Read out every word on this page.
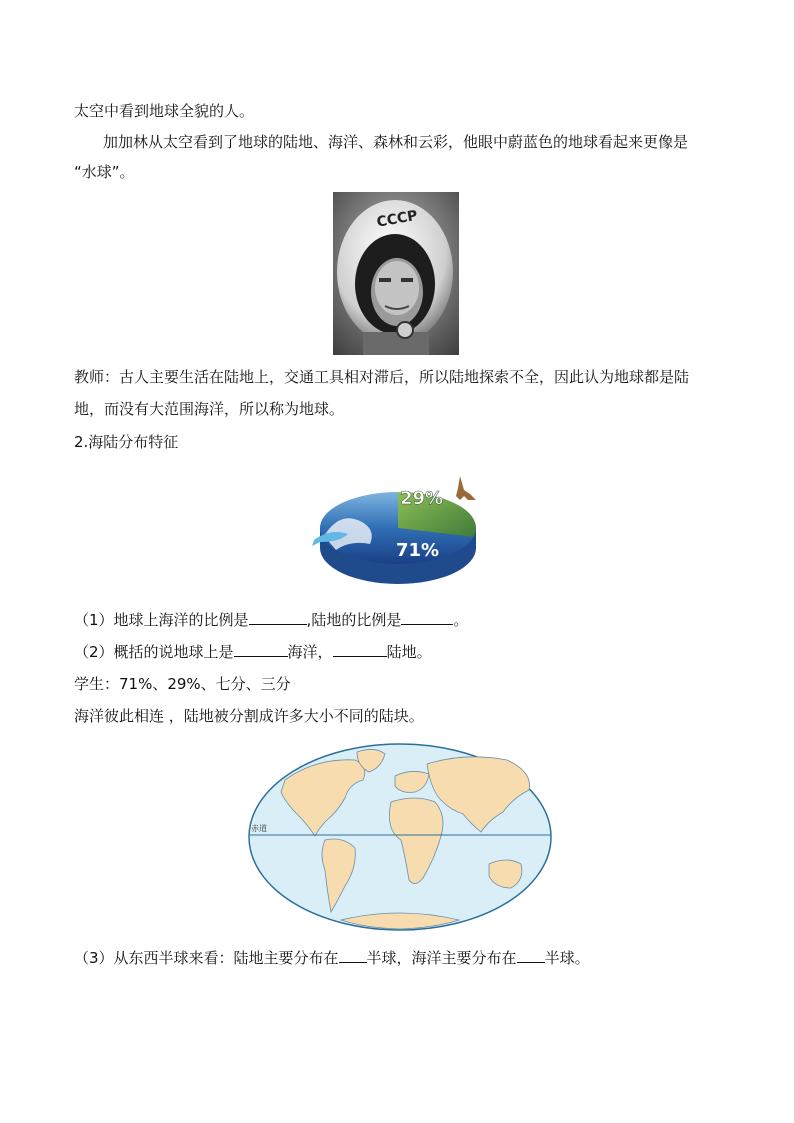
太空中看到地球全貌的人。
加加林从太空看到了地球的陆地、海洋、森林和云彩，他眼中蔚蓝色的地球看起来更像是
“水球”。
CCCP
教师：古人主要生活在陆地上，交通工具相对滞后，所以陆地探索不全，因此认为地球都是陆
地，而没有大范围海洋，所以称为地球。
2.海陆分布特征
29%
71%
（1）地球上海洋的比例是	,陆地的比例是	。
（2）概括的说地球上是	海洋，	陆地。
学生：71%、29%、七分、三分
海洋彼此相连 ，陆地被分割成许多大小不同的陆块。
赤道
（3）从东西半球来看：陆地主要分布在 半球，海洋主要分布在 半球。
